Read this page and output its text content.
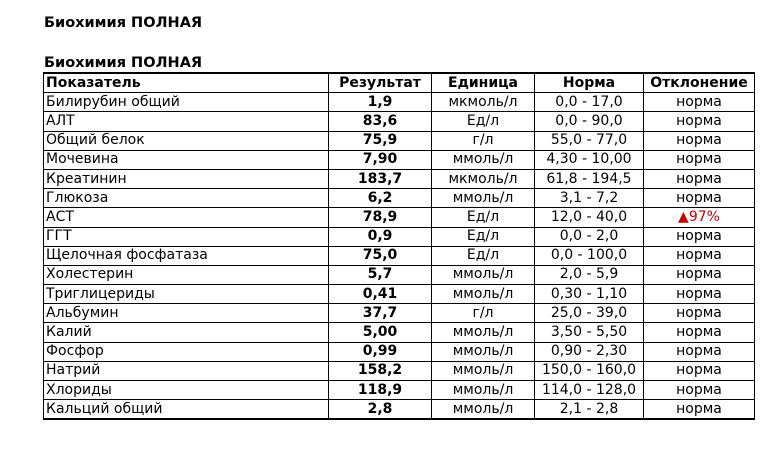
Биохимия ПОЛНАЯ
Биохимия ПОЛНАЯ
Показатель	Результат	Единица	Норма	Отклонение
Билирубин общий	1,9	мкмоль/л	0,0 - 17,0	норма
АЛТ	83,6	Ед/л	0,0 - 90,0	норма
Общий белок	75,9	г/л	55,0 - 77,0	норма
Мочевина	7,90	ммоль/л	4,30 - 10,00	норма
Креатинин	183,7	мкмоль/л	61,8 - 194,5	норма
Глюкоза	6,2	ммоль/л	3,1 - 7,2	норма
АСТ	78,9	Ед/л	12,0 - 40,0	▲97%
ГГТ	0,9	Ед/л	0,0 - 2,0	норма
Щелочная фосфатаза	75,0	Ед/л	0,0 - 100,0	норма
Холестерин	5,7	ммоль/л	2,0 - 5,9	норма
Триглицериды	0,41	ммоль/л	0,30 - 1,10	норма
Альбумин	37,7	г/л	25,0 - 39,0	норма
Калий	5,00	ммоль/л	3,50 - 5,50	норма
Фосфор	0,99	ммоль/л	0,90 - 2,30	норма
Натрий	158,2	ммоль/л	150,0 - 160,0	норма
Хлориды	118,9	ммоль/л	114,0 - 128,0	норма
Кальций общий	2,8	ммоль/л	2,1 - 2,8	норма
